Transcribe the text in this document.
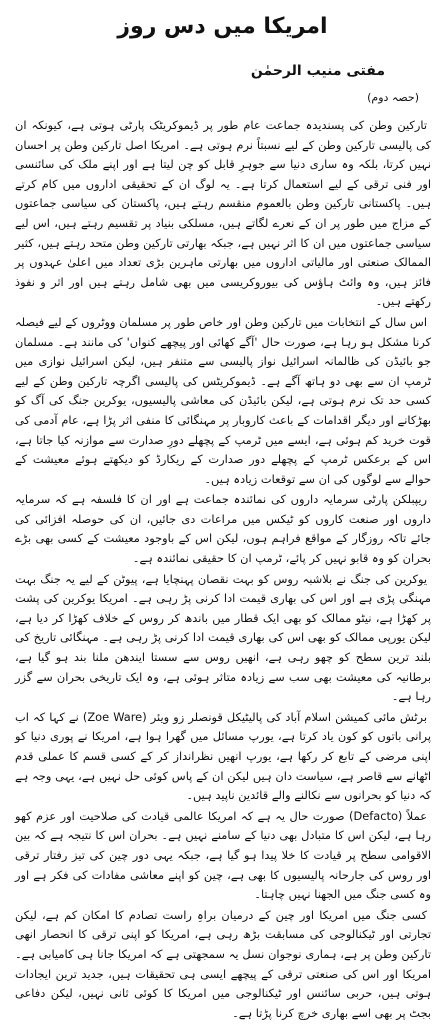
امریکا میں دس روز
مفتی منیب الرحمٰن
(حصہ دوم)

تارکین وطن کی پسندیدہ جماعت عام طور پر ڈیموکریٹک پارٹی ہوتی ہے، کیونکہ ان کی پالیسی تارکین وطن کے لیے نسبتاً نرم ہوتی ہے۔ امریکا اصل تارکین وطن پر احسان نہیں کرتا، بلکہ وہ ساری دنیا سے جوہرِ قابل کو چن لیتا ہے اور اپنے ملک کی سائنسی اور فنی ترقی کے لیے استعمال کرتا ہے۔ یہ لوگ ان کے تحقیقی اداروں میں کام کرتے ہیں۔ پاکستانی تارکین وطن بالعموم منقسم رہتے ہیں، پاکستان کی سیاسی جماعتوں کے مزاج میں طور پر ان کے نعرے لگاتے ہیں، مسلکی بنیاد پر تقسیم رہتے ہیں، اس لیے سیاسی جماعتوں میں ان کا اثر نہیں ہے، جبکہ بھارتی تارکین وطن متحد رہتے ہیں، کثیر الممالک صنعتی اور مالیاتی اداروں میں بھارتی ماہرین بڑی تعداد میں اعلیٰ عہدوں پر فائز ہیں، وہ وائٹ ہاؤس کی بیوروکریسی میں بھی شامل رہتے ہیں اور اثر و نفوذ رکھتے ہیں۔

اس سال کے انتخابات میں تارکین وطن اور خاص طور پر مسلمان ووٹروں کے لیے فیصلہ کرنا مشکل ہو رہا ہے، صورت حال 'آگے کھائی اور پیچھے کنواں' کی مانند ہے۔ مسلمان جو بائیڈن کی ظالمانہ اسرائیل نواز پالیسی سے متنفر ہیں، لیکن اسرائیل نوازی میں ٹرمپ ان سے بھی دو ہاتھ آگے ہے۔ ڈیموکریٹس کی پالیسی اگرچہ تارکین وطن کے لیے کسی حد تک نرم ہوتی ہے، لیکن بائیڈن کی معاشی پالیسیوں، یوکرین جنگ کی آگ کو بھڑکانے اور دیگر اقدامات کے باعث کاروبار پر مہنگائی کا منفی اثر پڑا ہے، عام آدمی کی قوت خرید کم ہوئی ہے، ایسے میں ٹرمپ کے پچھلے دورِ صدارت سے موازنہ کیا جاتا ہے، اس کے برعکس ٹرمپ کے پچھلے دور صدارت کے ریکارڈ کو دیکھتے ہوئے معیشت کے حوالے سے لوگوں کی ان سے توقعات زیادہ ہیں۔

ریپبلکن پارٹی سرمایہ داروں کی نمائندہ جماعت ہے اور ان کا فلسفہ ہے کہ سرمایہ داروں اور صنعت کاروں کو ٹیکس میں مراعات دی جائیں، ان کی حوصلہ افزائی کی جائے تاکہ روزگار کے مواقع فراہم ہوں، لیکن اس کے باوجود معیشت کے کسی بھی بڑے بحران کو وہ قابو نہیں کر پائے، ٹرمپ ان کا حقیقی نمائندہ ہے۔

یوکرین کی جنگ نے بلاشبہ روس کو بہت نقصان پہنچایا ہے، پیوٹن کے لیے یہ جنگ بہت مہنگی پڑی ہے اور اس کی بھاری قیمت ادا کرنی پڑ رہی ہے۔ امریکا یوکرین کی پشت پر کھڑا ہے، نیٹو ممالک کو بھی ایک قطار میں باندھ کر روس کے خلاف کھڑا کر دیا ہے، لیکن یورپی ممالک کو بھی اس کی بھاری قیمت ادا کرنی پڑ رہی ہے۔ مہنگائی تاریخ کی بلند ترین سطح کو چھو رہی ہے، انھیں روس سے سستا ایندھن ملنا بند ہو گیا ہے، برطانیہ کی معیشت بھی سب سے زیادہ متاثر ہوئی ہے، وہ ایک تاریخی بحران سے گزر رہا ہے۔

برٹش مائی کمیشن اسلام آباد کی پالیٹیکل قونصلر زو ویئر (Zoe Ware) نے کہا کہ اب پرانی باتوں کو کون یاد کرتا ہے، یورپ مسائل میں گھرا ہوا ہے، امریکا نے پوری دنیا کو اپنی مرضی کے تابع کر رکھا ہے، یورپ انھیں نظرانداز کر کے کسی قسم کا عملی قدم اٹھانے سے قاصر ہے، سیاست دان ہیں لیکن ان کے پاس کوئی حل نہیں ہے، یہی وجہ ہے کہ دنیا کو بحرانوں سے نکالنے والے قائدین ناپید ہیں۔

عملاً (Defacto) صورت حال یہ ہے کہ امریکا عالمی قیادت کی صلاحیت اور عزم کھو رہا ہے، لیکن اس کا متبادل بھی دنیا کے سامنے نہیں ہے۔ بحران اس کا نتیجہ ہے کہ بین الاقوامی سطح پر قیادت کا خلا پیدا ہو گیا ہے، جبکہ یہی دور چین کی تیز رفتار ترقی اور روس کی جارحانہ پالیسیوں کا بھی ہے، چین کو اپنے معاشی مفادات کی فکر ہے اور وہ کسی جنگ میں الجھنا نہیں چاہتا۔

کسی جنگ میں امریکا اور چین کے درمیان براہِ راست تصادم کا امکان کم ہے، لیکن تجارتی اور ٹیکنالوجی کی مسابقت بڑھ رہی ہے، امریکا کو اپنی ترقی کا انحصار انھی تارکین وطن پر ہے، ہماری نوجوان نسل یہ سمجھتی ہے کہ امریکا جانا ہی کامیابی ہے۔ امریکا اور اس کی صنعتی ترقی کے پیچھے ایسی ہی تحقیقات ہیں، جدید ترین ایجادات ہوتی ہیں، حربی سائنس اور ٹیکنالوجی میں امریکا کا کوئی ثانی نہیں، لیکن دفاعی بجٹ پر بھی اسے بھاری خرچ کرنا پڑتا ہے۔
